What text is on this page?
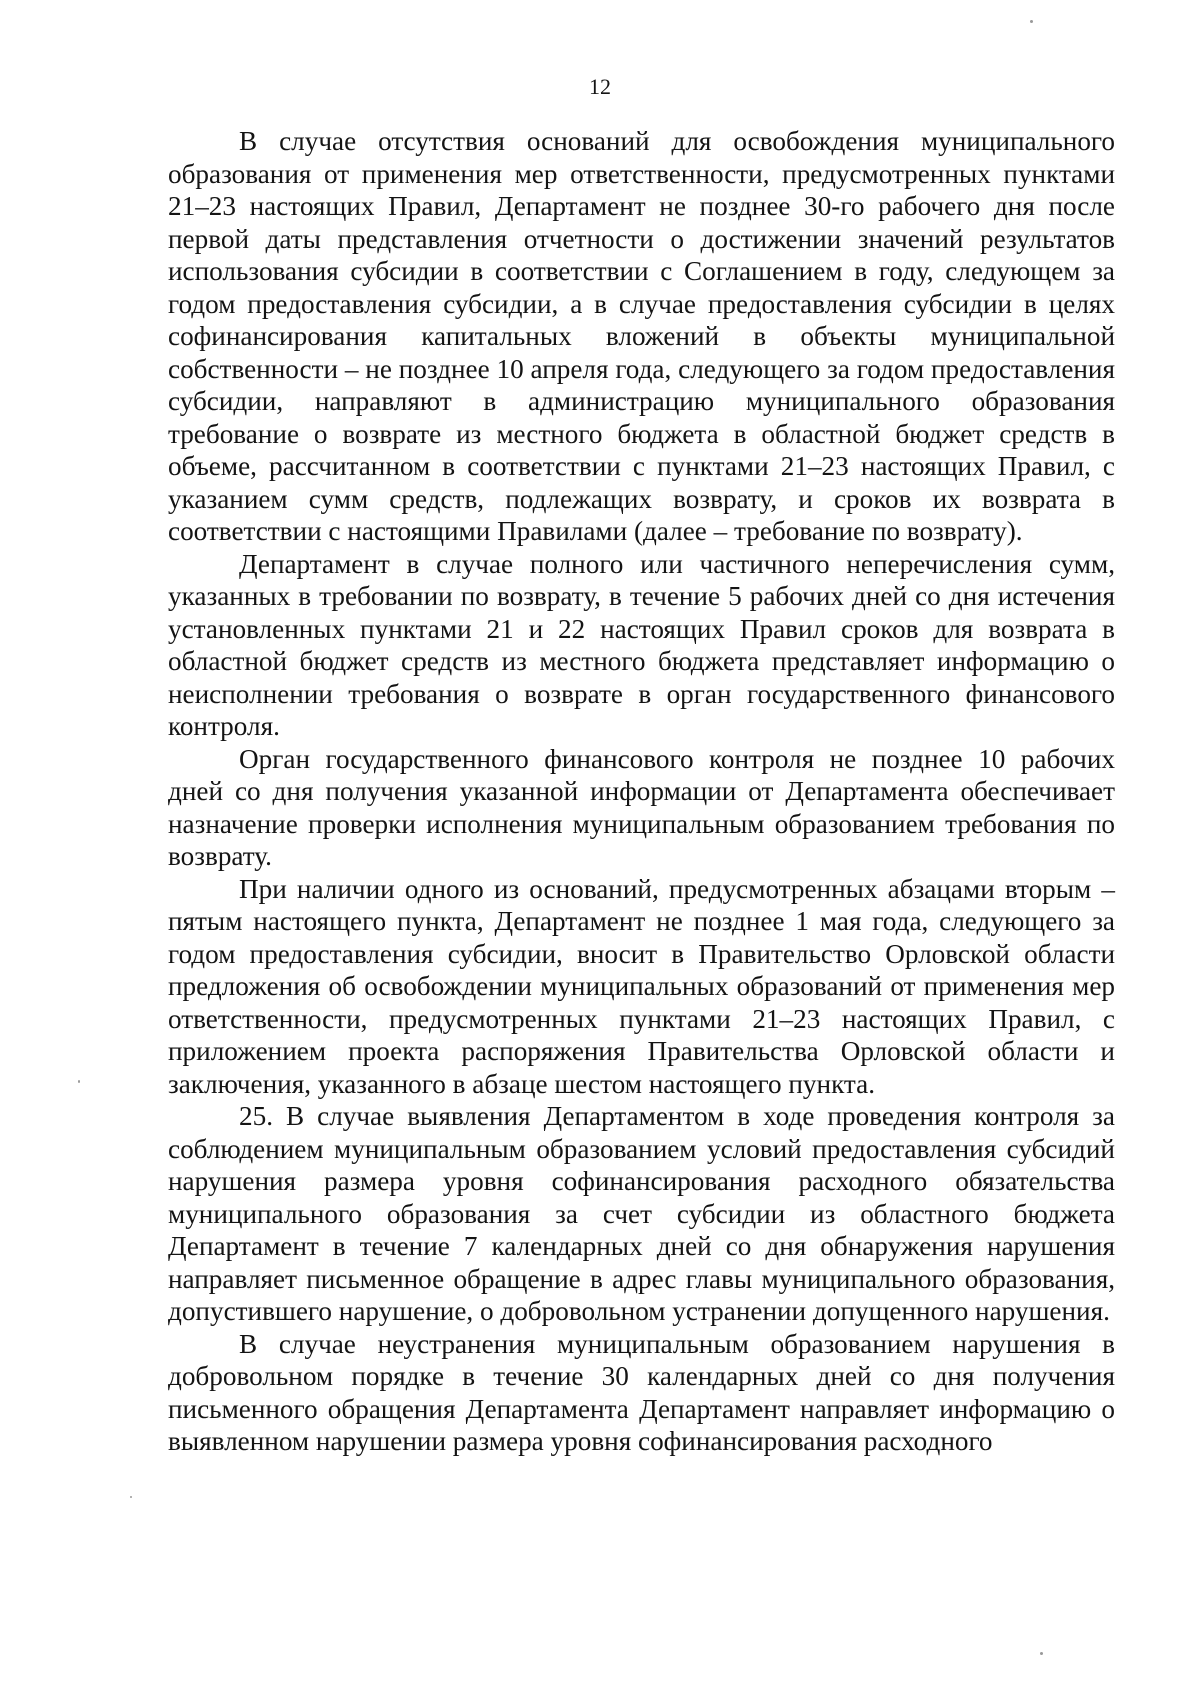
12

В случае отсутствия оснований для освобождения муниципального образования от применения мер ответственности, предусмотренных пунктами 21–23 настоящих Правил, Департамент не позднее 30-го рабочего дня после первой даты представления отчетности о достижении значений результатов использования субсидии в соответствии с Соглашением в году, следующем за годом предоставления субсидии, а в случае предоставления субсидии в целях софинансирования капитальных вложений в объекты муниципальной собственности – не позднее 10 апреля года, следующего за годом предоставления субсидии, направляют в администрацию муниципального образования требование о возврате из местного бюджета в областной бюджет средств в объеме, рассчитанном в соответствии с пунктами 21–23 настоящих Правил, с указанием сумм средств, подлежащих возврату, и сроков их возврата в соответствии с настоящими Правилами (далее – требование по возврату).

Департамент в случае полного или частичного неперечисления сумм, указанных в требовании по возврату, в течение 5 рабочих дней со дня истечения установленных пунктами 21 и 22 настоящих Правил сроков для возврата в областной бюджет средств из местного бюджета представляет информацию о неисполнении требования о возврате в орган государственного финансового контроля.

Орган государственного финансового контроля не позднее 10 рабочих дней со дня получения указанной информации от Департамента обеспечивает назначение проверки исполнения муниципальным образованием требования по возврату.

При наличии одного из оснований, предусмотренных абзацами вторым – пятым настоящего пункта, Департамент не позднее 1 мая года, следующего за годом предоставления субсидии, вносит в Правительство Орловской области предложения об освобождении муниципальных образований от применения мер ответственности, предусмотренных пунктами 21–23 настоящих Правил, с приложением проекта распоряжения Правительства Орловской области и заключения, указанного в абзаце шестом настоящего пункта.

25. В случае выявления Департаментом в ходе проведения контроля за соблюдением муниципальным образованием условий предоставления субсидий нарушения размера уровня софинансирования расходного обязательства муниципального образования за счет субсидии из областного бюджета Департамент в течение 7 календарных дней со дня обнаружения нарушения направляет письменное обращение в адрес главы муниципального образования, допустившего нарушение, о добровольном устранении допущенного нарушения.

В случае неустранения муниципальным образованием нарушения в добровольном порядке в течение 30 календарных дней со дня получения письменного обращения Департамента Департамент направляет информацию о выявленном нарушении размера уровня софинансирования расходного
